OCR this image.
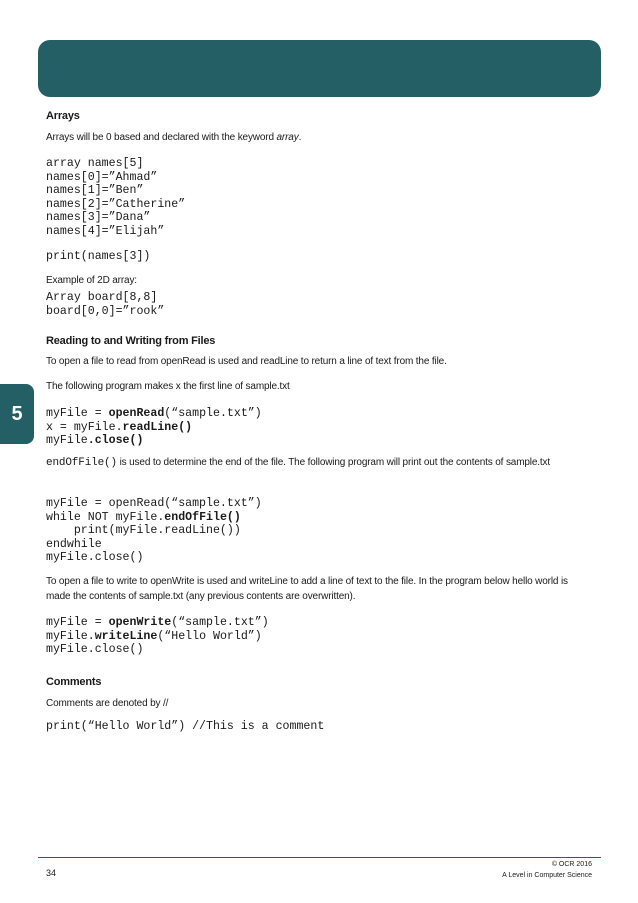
5
Arrays
Arrays will be 0 based and declared with the keyword array.
array names[5]
names[0]=”Ahmad”
names[1]=”Ben”
names[2]=”Catherine”
names[3]=”Dana”
names[4]=”Elijah”
print(names[3])
Example of 2D array:
Array board[8,8]
board[0,0]=”rook”
Reading to and Writing from Files
To open a file to read from openRead is used and readLine to return a line of text from the file.
The following program makes x the first line of sample.txt
myFile = openRead(“sample.txt”)
x = myFile.readLine()
myFile.close()
endOfFile() is used to determine the end of the file. The following program will print out the contents of sample.txt
myFile = openRead(“sample.txt”)
while NOT myFile.endOfFile()
print(myFile.readLine())
endwhile
myFile.close()
To open a file to write to openWrite is used and writeLine to add a line of text to the file. In the program below hello world is made the contents of sample.txt (any previous contents are overwritten).
myFile = openWrite(“sample.txt”)
myFile.writeLine(“Hello World”)
myFile.close()
Comments
Comments are denoted by //
print(“Hello World”) //This is a comment
34
© OCR 2016
A Level in Computer Science
